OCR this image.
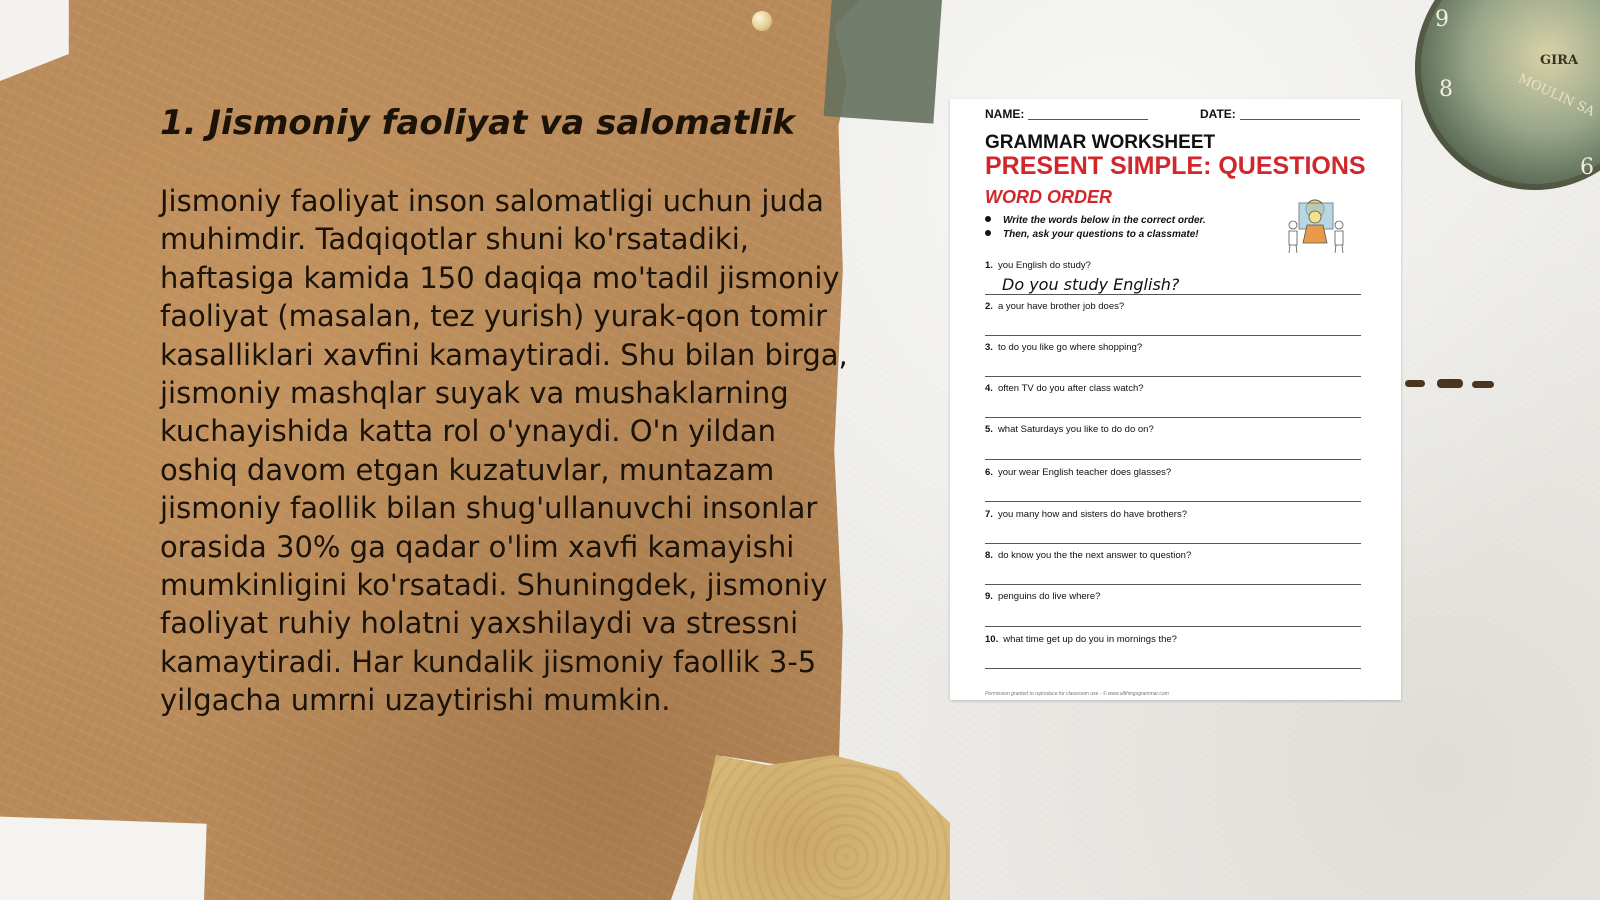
9
8
6
GIRA
MOULIN SA
1. Jismoniy faoliyat va salomatlik

Jismoniy faoliyat inson salomatligi uchun juda muhimdir. Tadqiqotlar shuni ko'rsatadiki, haftasiga kamida 150 daqiqa mo'tadil jismoniy faoliyat (masalan, tez yurish) yurak-qon tomir kasalliklari xavfini kamaytiradi. Shu bilan birga, jismoniy mashqlar suyak va mushaklarning kuchayishida katta rol o'ynaydi. O'n yildan oshiq davom etgan kuzatuvlar, muntazam jismoniy faollik bilan shug'ullanuvchi insonlar orasida 30% ga qadar o'lim xavfi kamayishi mumkinligini ko'rsatadi. Shuningdek, jismoniy faoliyat ruhiy holatni yaxshilaydi va stressni kamaytiradi. Har kundalik jismoniy faollik 3-5 yilgacha umrni uzaytirishi mumkin.

NAME:	DATE:
GRAMMAR WORKSHEET
PRESENT SIMPLE: QUESTIONS
WORD ORDER
Write the words below in the correct order.
Then, ask your questions to a classmate!
1. you English do study?
Do you study English?
2. a your have brother job does?
3. to do you like go where shopping?
4. often TV do you after class watch?
5. what Saturdays you like to do do on?
6. your wear English teacher does glasses?
7. you many how and sisters do have brothers?
8. do know you the the next answer to question?
9. penguins do live where?
10. what time get up do you in mornings the?
Permission granted to reproduce for classroom use - © www.allthingsgrammar.com
